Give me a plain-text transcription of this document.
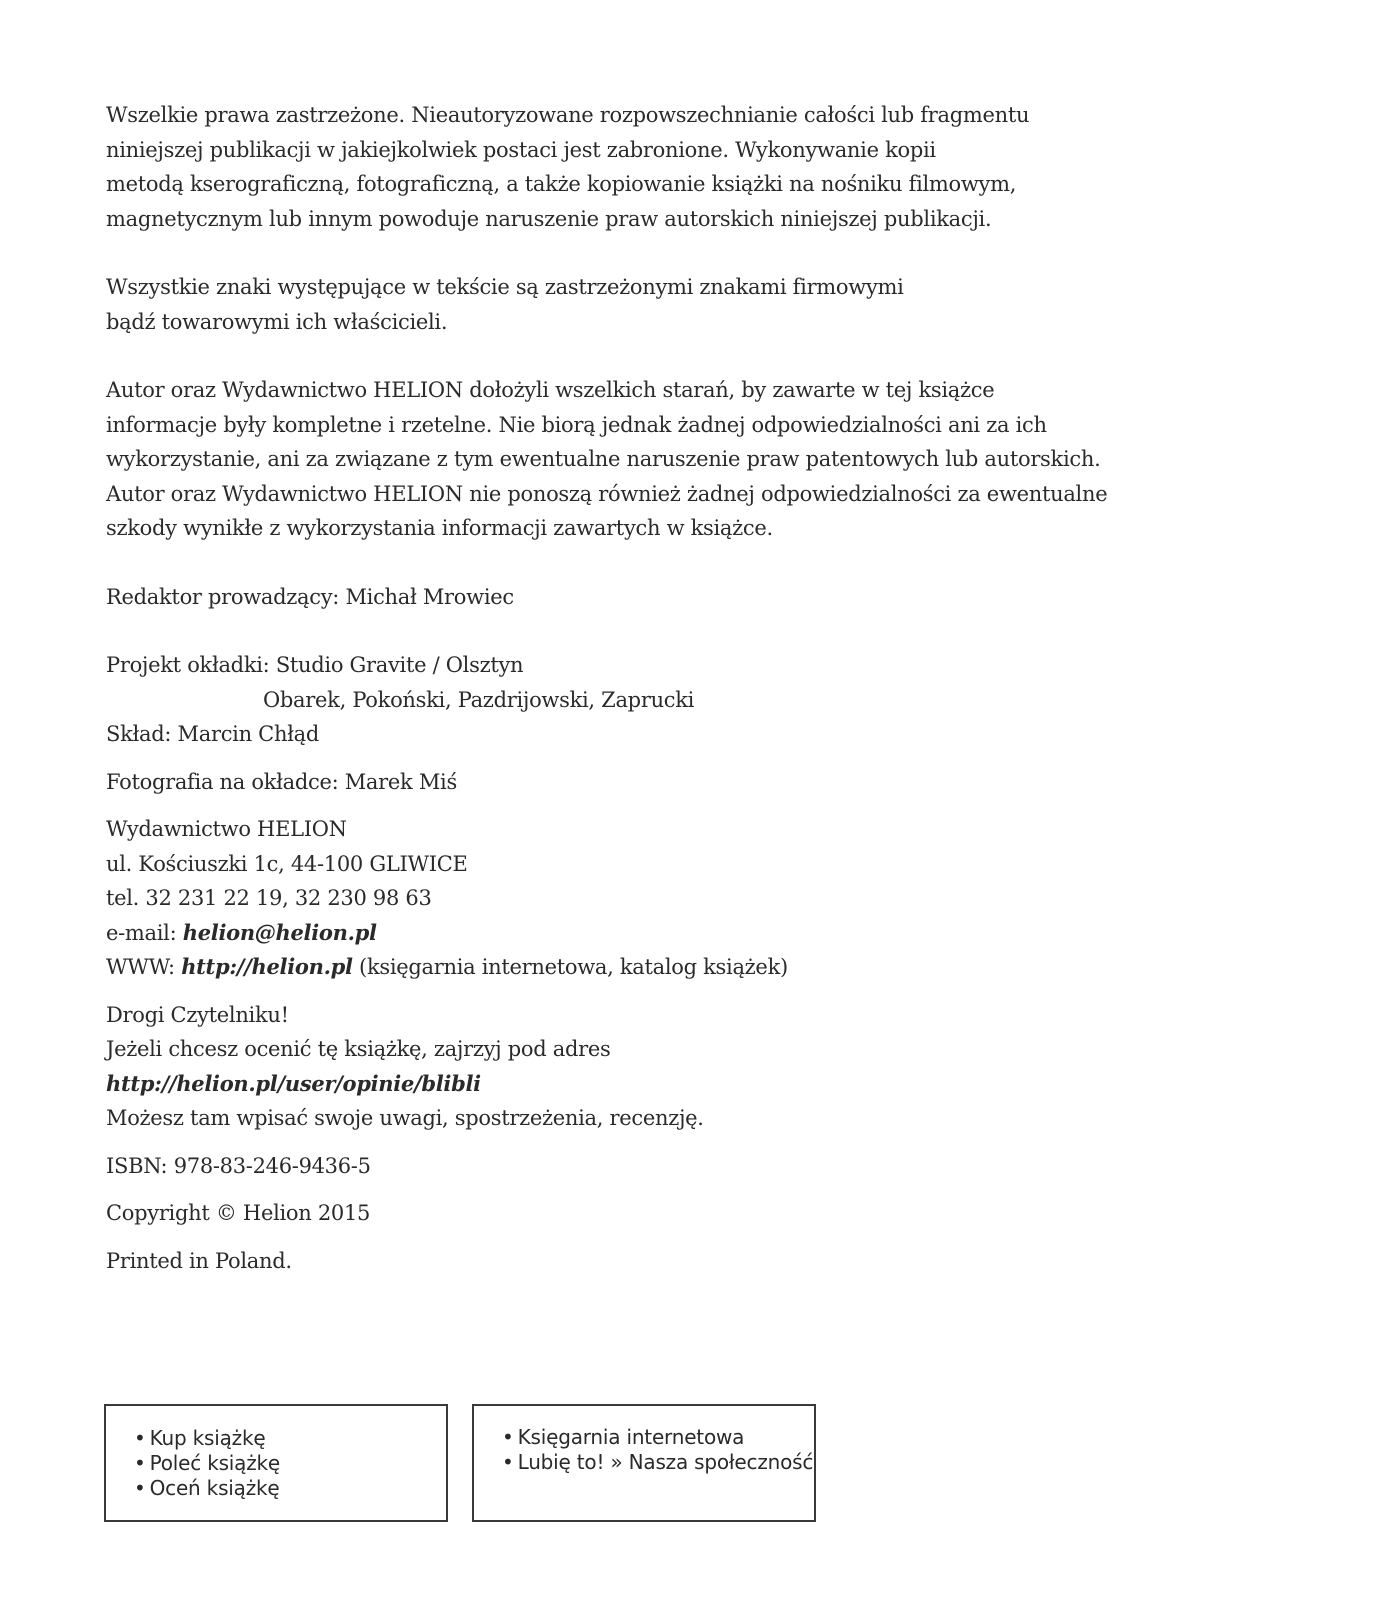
Wszelkie prawa zastrzeżone. Nieautoryzowane rozpowszechnianie całości lub fragmentu
niniejszej publikacji w jakiejkolwiek postaci jest zabronione. Wykonywanie kopii
metodą kserograficzną, fotograficzną, a także kopiowanie książki na nośniku filmowym,
magnetycznym lub innym powoduje naruszenie praw autorskich niniejszej publikacji.
Wszystkie znaki występujące w tekście są zastrzeżonymi znakami firmowymi
bądź towarowymi ich właścicieli.
Autor oraz Wydawnictwo HELION dołożyli wszelkich starań, by zawarte w tej książce
informacje były kompletne i rzetelne. Nie biorą jednak żadnej odpowiedzialności ani za ich
wykorzystanie, ani za związane z tym ewentualne naruszenie praw patentowych lub autorskich.
Autor oraz Wydawnictwo HELION nie ponoszą również żadnej odpowiedzialności za ewentualne
szkody wynikłe z wykorzystania informacji zawartych w książce.
Redaktor prowadzący: Michał Mrowiec
Projekt okładki: Studio Gravite / Olsztyn
Obarek, Pokoński, Pazdrijowski, Zaprucki
Skład: Marcin Chłąd
Fotografia na okładce: Marek Miś
Wydawnictwo HELION
ul. Kościuszki 1c, 44-100 GLIWICE
tel. 32 231 22 19, 32 230 98 63
e-mail: helion@helion.pl
WWW: http://helion.pl (księgarnia internetowa, katalog książek)
Drogi Czytelniku!
Jeżeli chcesz ocenić tę książkę, zajrzyj pod adres
http://helion.pl/user/opinie/blibli
Możesz tam wpisać swoje uwagi, spostrzeżenia, recenzję.
ISBN: 978-83-246-9436-5
Copyright © Helion 2015
Printed in Poland.
• Kup książkę
• Poleć książkę
• Oceń książkę
• Księgarnia internetowa
• Lubię to! » Nasza społeczność
